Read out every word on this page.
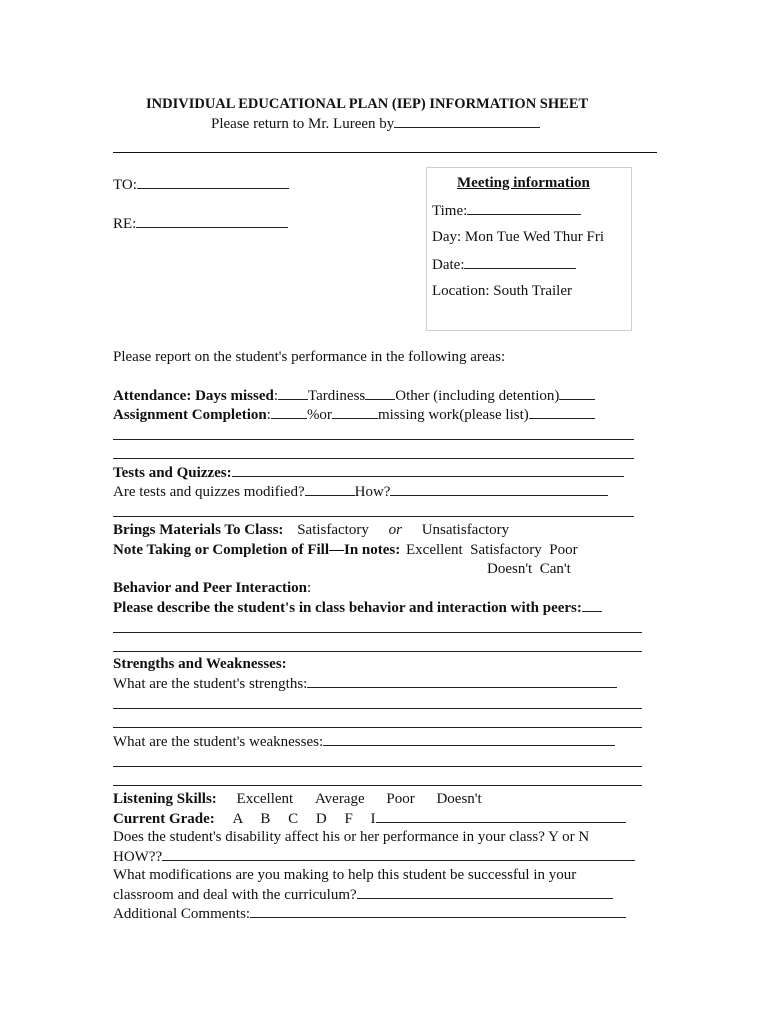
INDIVIDUAL EDUCATIONAL PLAN (IEP) INFORMATION SHEET
Please return to Mr. Lureen by
TO:
RE:
Meeting information
Time:
Day: Mon Tue Wed Thur Fri
Date:
Location: South Trailer
Please report on the student's performance in the following areas:
Attendance: Days missed: Tardiness Other (including detention)
Assignment Completion: %or	missing work(please list)
Tests and Quizzes:
Are tests and quizzes modified?	How?
Brings Materials To Class: Satisfactory or Unsatisfactory
Note Taking or Completion of Fill—In notes: Excellent  Satisfactory  Poor
Doesn't  Can't
Behavior and Peer Interaction:
Please describe the student's in class behavior and interaction with peers:
Strengths and Weaknesses:
What are the student's strengths:
What are the student's weaknesses:
Listening Skills: Excellent Average Poor Doesn't
Current Grade: A B C D F I
Does the student's disability affect his or her performance in your class? Y or N
HOW??
What modifications are you making to help this student be successful in your
classroom and deal with the curriculum?
Additional Comments:
